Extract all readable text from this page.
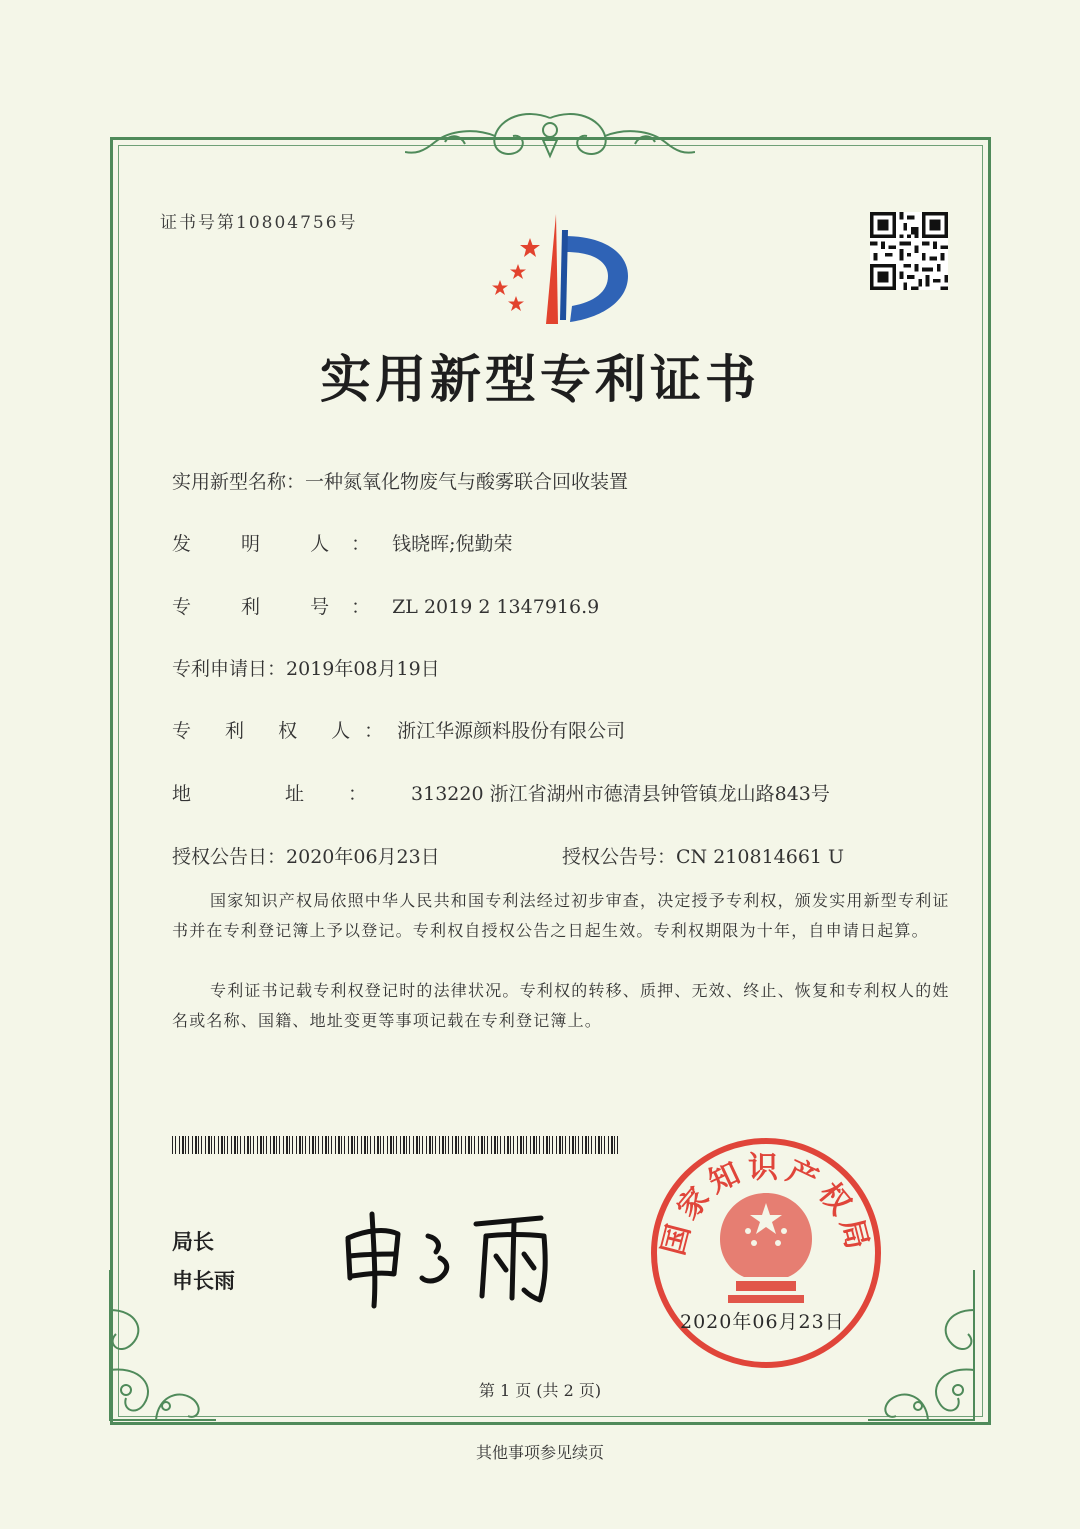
证书号第10804756号
实用新型专利证书
实用新型名称：一种氮氧化物废气与酸雾联合回收装置
发 明 人：钱晓晖;倪勤荣
专 利 号：ZL 2019 2 1347916.9
专利申请日：2019年08月19日
专 利 权 人：浙江华源颜料股份有限公司
地 址：313220 浙江省湖州市德清县钟管镇龙山路843号
授权公告日：2020年06月23日	授权公告号：CN 210814661 U
国家知识产权局依照中华人民共和国专利法经过初步审查，决定授予专利权，颁发实用新型专利证书并在专利登记簿上予以登记。专利权自授权公告之日起生效。专利权期限为十年，自申请日起算。
专利证书记载专利权登记时的法律状况。专利权的转移、质押、无效、终止、恢复和专利权人的姓名或名称、国籍、地址变更等事项记载在专利登记簿上。
局长
申长雨
国家知识产权局
2020年06月23日
第 1 页 (共 2 页)
其他事项参见续页
